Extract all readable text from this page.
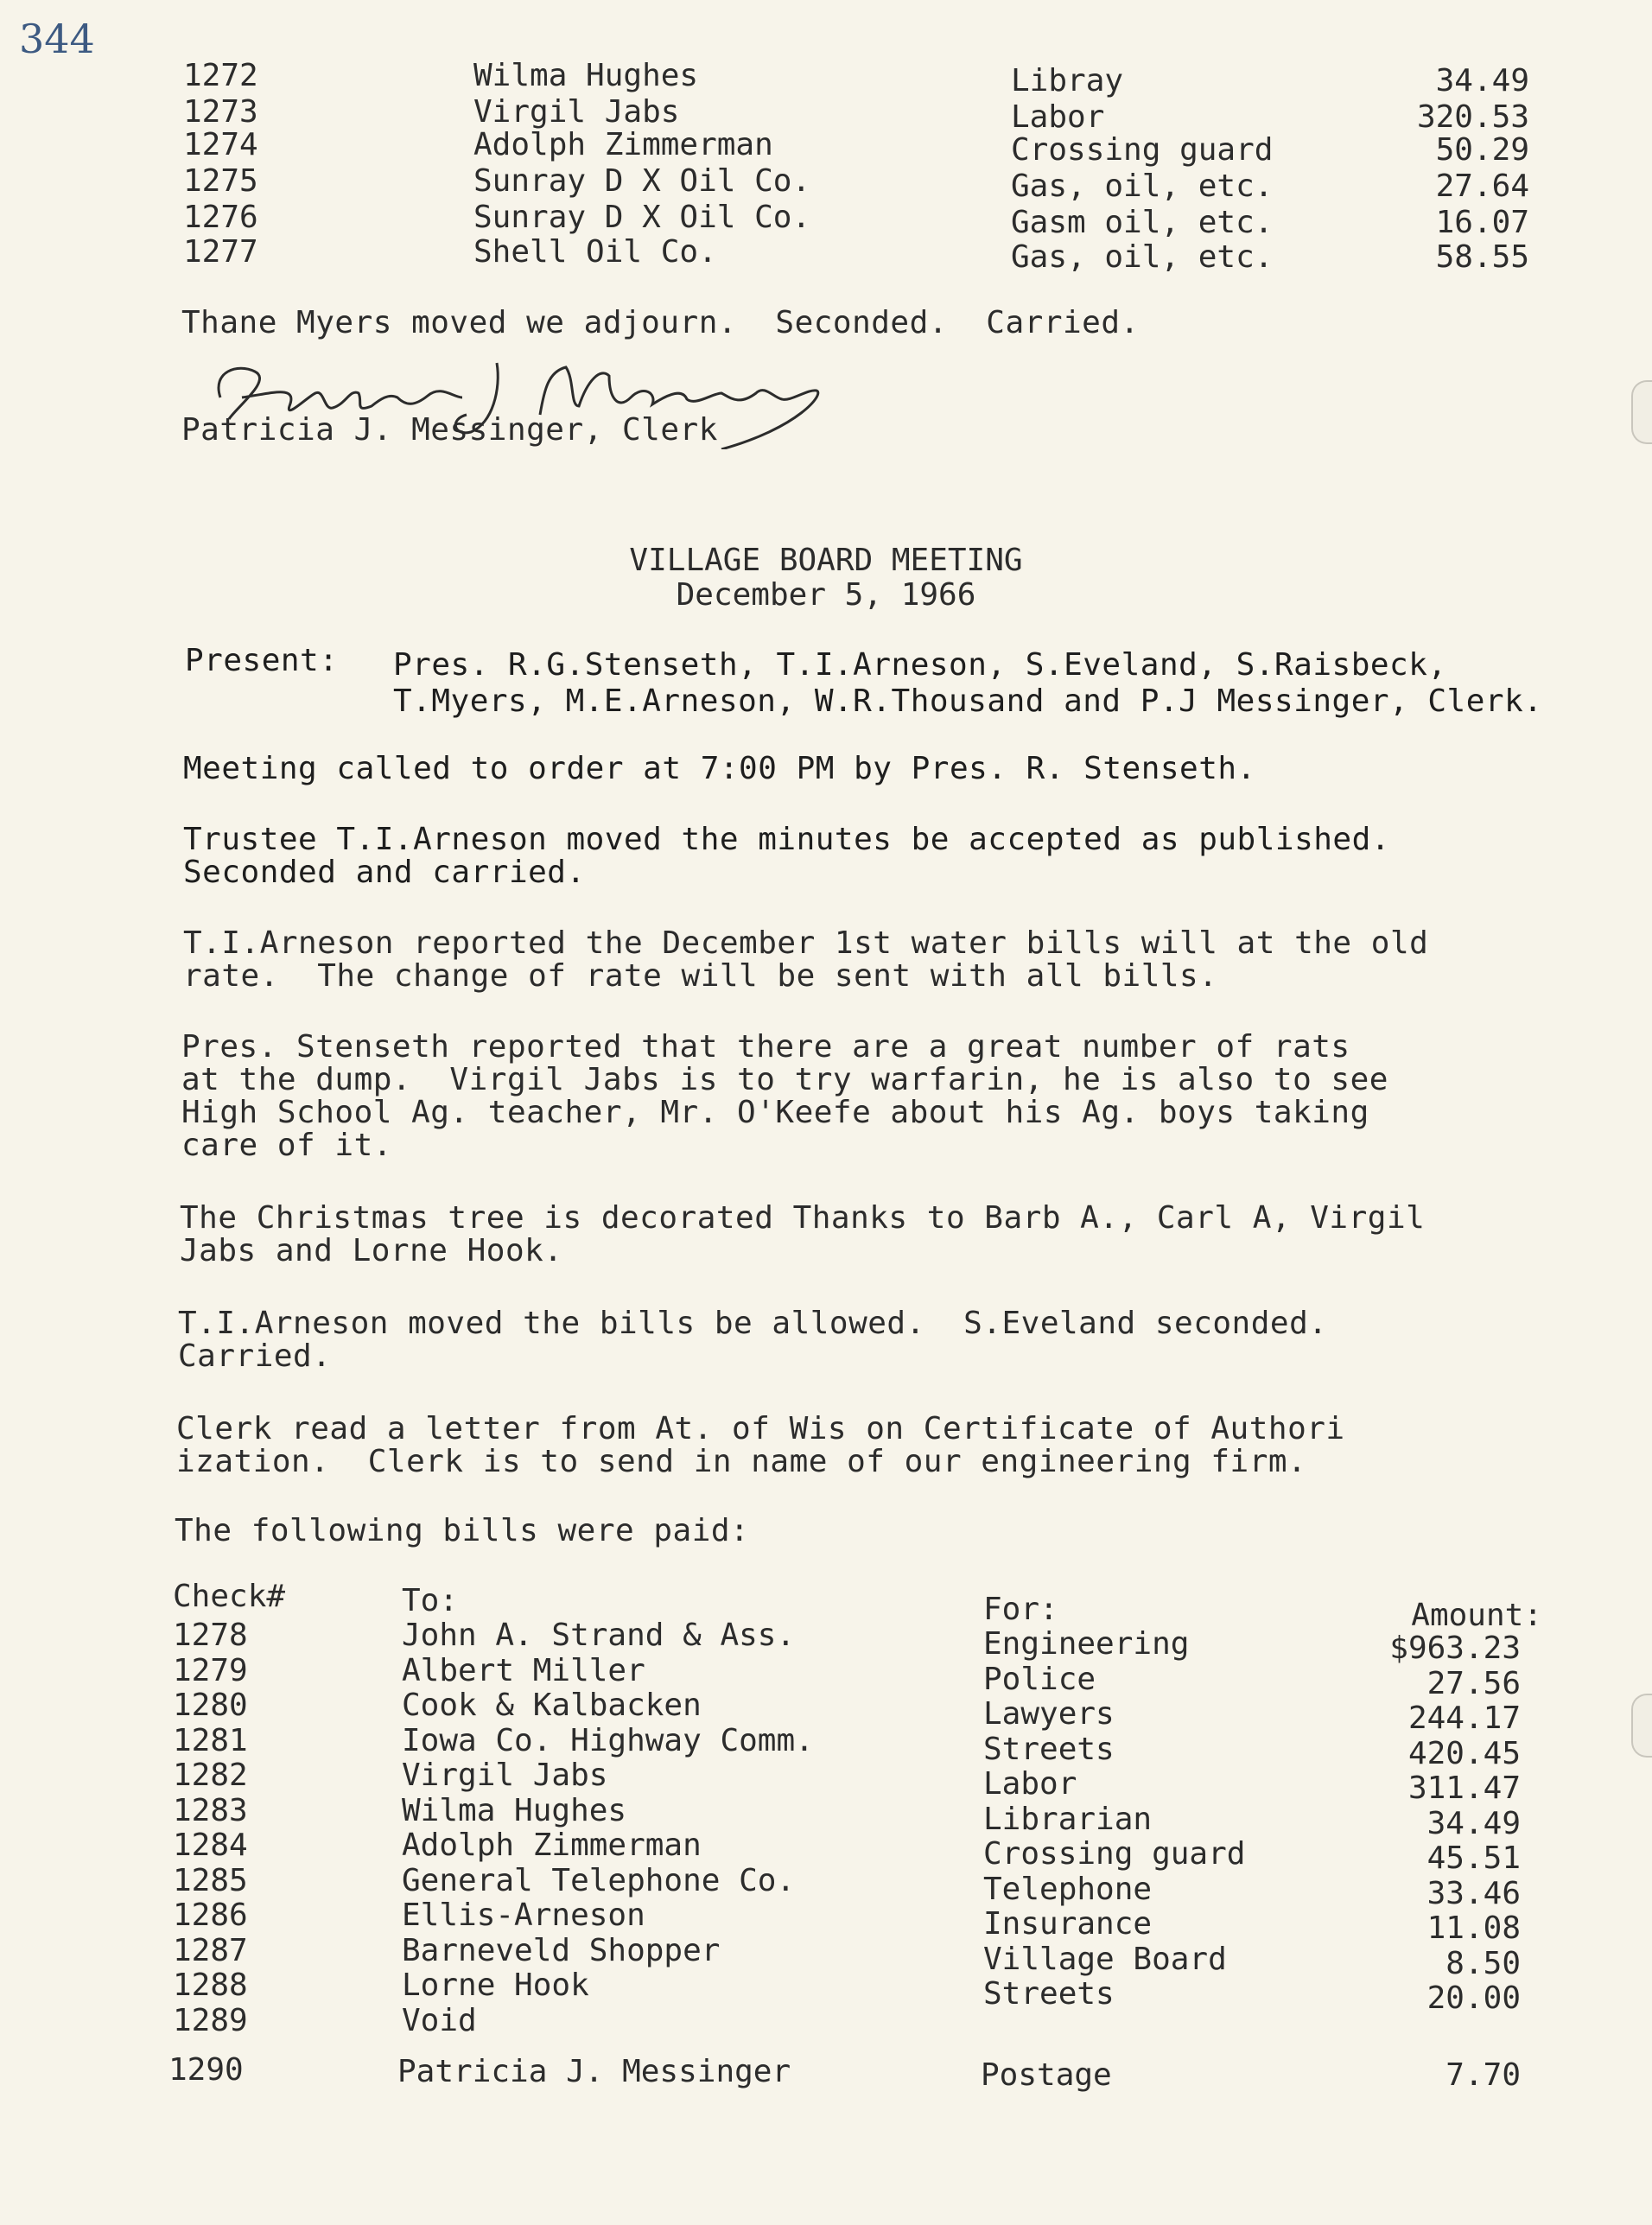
344
1272	Wilma Hughes	Libray	34.49
1273	Virgil Jabs	Labor	320.53
1274	Adolph Zimmerman	Crossing guard	50.29
1275	Sunray D X Oil Co.	Gas, oil, etc.	27.64
1276	Sunray D X Oil Co.	Gasm oil, etc.	16.07
1277	Shell Oil Co.	Gas, oil, etc.	58.55
Thane Myers moved we adjourn.  Seconded.  Carried.
Patricia J. Messinger, Clerk
VILLAGE BOARD MEETING
December 5, 1966
Present: Pres. R.G.Stenseth, T.I.Arneson, S.Eveland, S.Raisbeck,
T.Myers, M.E.Arneson, W.R.Thousand and P.J Messinger, Clerk.
Meeting called to order at 7:00 PM by Pres. R. Stenseth.
Trustee T.I.Arneson moved the minutes be accepted as published.
Seconded and carried.
T.I.Arneson reported the December 1st water bills will at the old
rate.  The change of rate will be sent with all bills.
Pres. Stenseth reported that there are a great number of rats
at the dump.  Virgil Jabs is to try warfarin, he is also to see
High School Ag. teacher, Mr. O'Keefe about his Ag. boys taking
care of it.
The Christmas tree is decorated Thanks to Barb A., Carl A, Virgil
Jabs and Lorne Hook.
T.I.Arneson moved the bills be allowed.  S.Eveland seconded.
Carried.
Clerk read a letter from At. of Wis on Certificate of Authori
ization.  Clerk is to send in name of our engineering firm.
The following bills were paid:
Check#	To:	For:	Amount:
1278	John A. Strand & Ass.	Engineering	$963.23
1279	Albert Miller	Police	27.56
1280	Cook & Kalbacken	Lawyers	244.17
1281	Iowa Co. Highway Comm.	Streets	420.45
1282	Virgil Jabs	Labor	311.47
1283	Wilma Hughes	Librarian	34.49
1284	Adolph Zimmerman	Crossing guard	45.51
1285	General Telephone Co.	Telephone	33.46
1286	Ellis-Arneson	Insurance	11.08
1287	Barneveld Shopper	Village Board	8.50
1288	Lorne Hook	Streets	20.00
1289	Void
1290	Patricia J. Messinger	Postage	7.70
